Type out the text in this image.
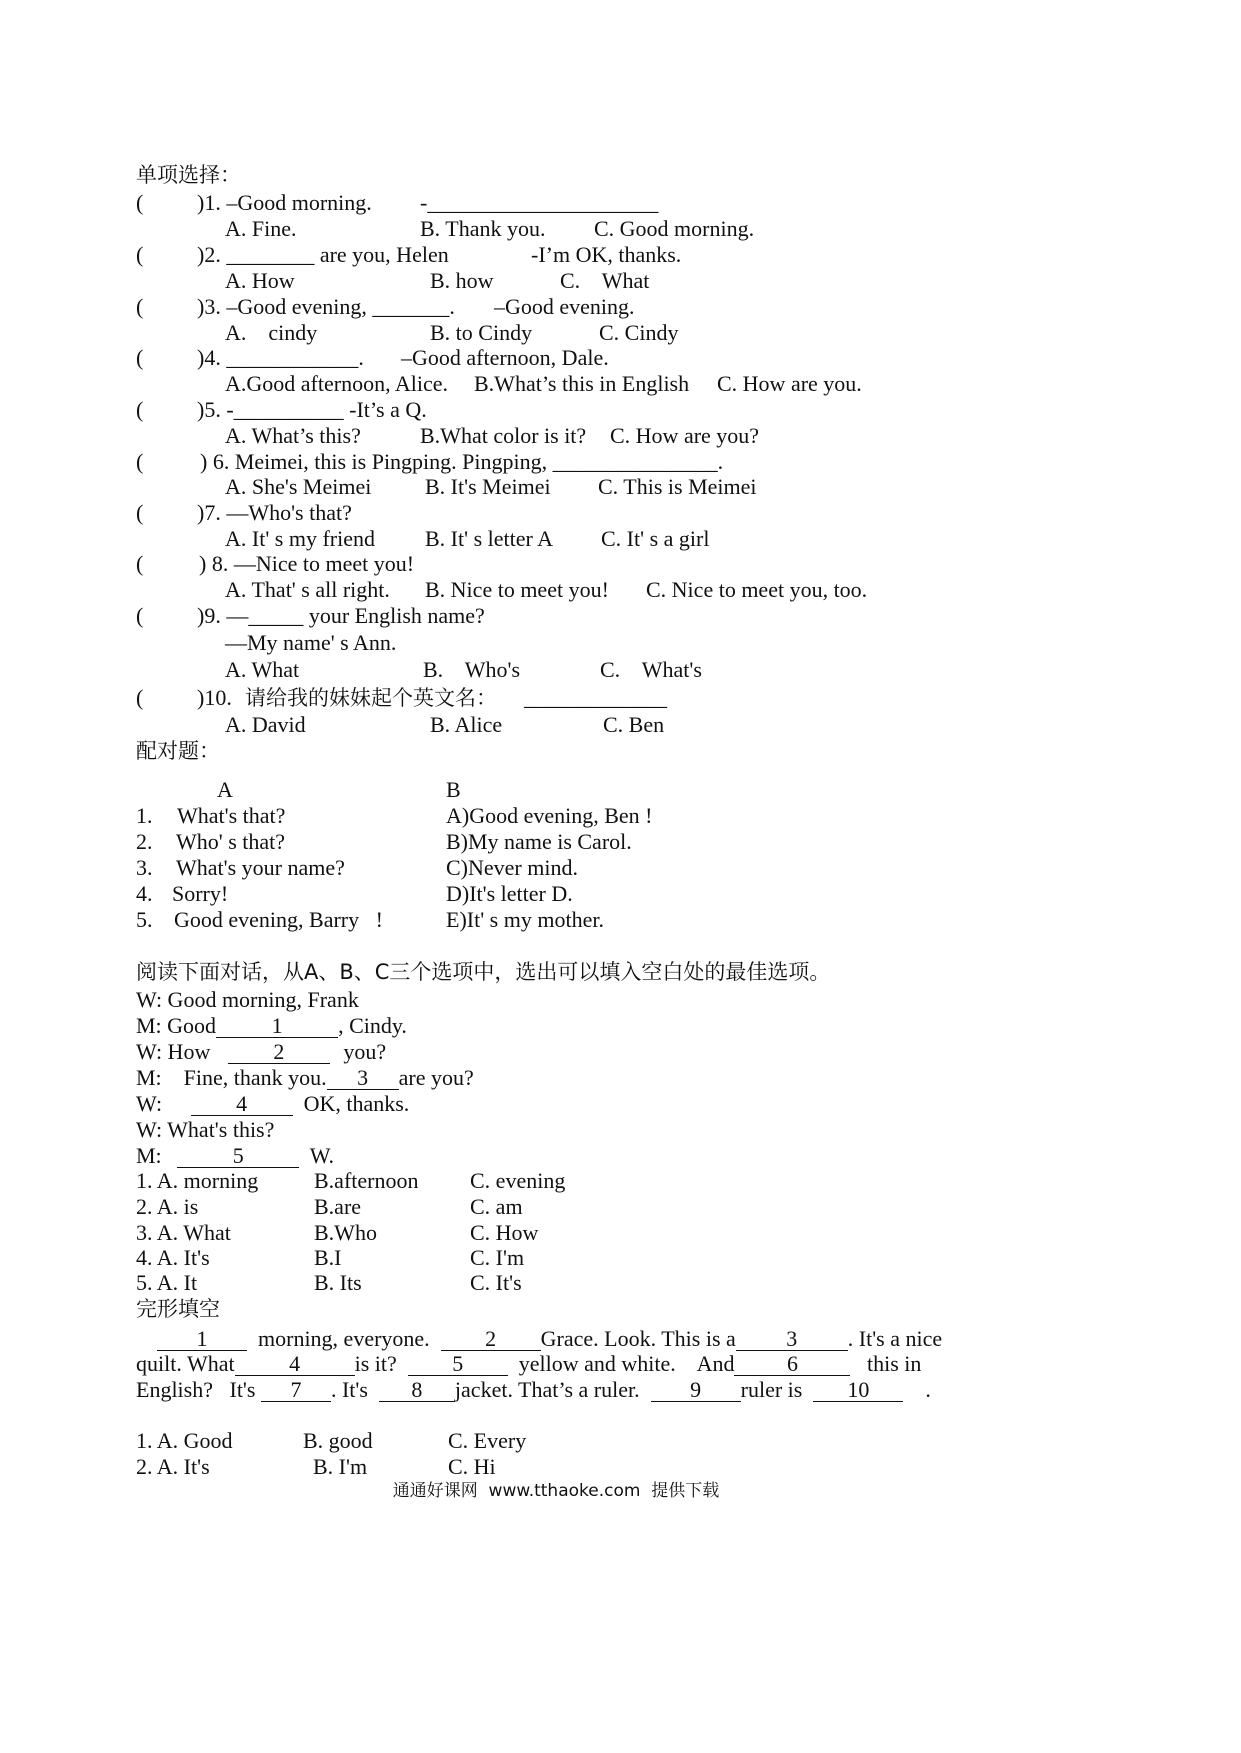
单项选择：
( )1. –Good morning. -_____________________
A. Fine.	B. Thank you. C. Good morning.
( )2. ________ are you, Helen	-I’m OK, thanks.
A. How	B. how	C.    What
( )3. –Good evening, _______. –Good evening.
A.    cindy	B. to Cindy	C. Cindy
( )4. ____________. –Good afternoon, Dale.
A.Good afternoon, Alice. B.What’s this in English C. How are you.
( )5. -__________ -It’s a Q.
A. What’s this?	B.What color is it? C. How are you?
(	) 6. Meimei, this is Pingping. Pingping, _______________.
A. She's Meimei B. It's Meimei C. This is Meimei
( )7. —Who's that?
A. It' s my friend B. It' s letter A C. It' s a girl
(	) 8. —Nice to meet you!
A. That' s all right. B. Nice to meet you! C. Nice to meet you, too.
( )9. —_____ your English name?
—My name' s Ann.
A. What	B.    Who's	C.    What's
( )10. 请给我的妹妹起个英文名： _____________
A. David	B. Alice	C. Ben
配对题：
A	B
1. What's that?	A)Good evening, Ben !
2. Who' s that?	B)My name is Carol.
3. What's your name?	C)Never mind.
4. Sorry!	D)It's letter D.
5. Good evening, Barry   !	E)It' s my mother.
阅读下面对话，从A、B、C三个选项中，选出可以填入空白处的最佳选项。
W: Good morning, Frank
M: Good	1	, Cindy.
W: How	2 you?
M:    Fine, thank you. 3 are you?
W:	4  OK, thanks.
W: What's this?
M:	5	W.
1. A. morning	B.afternoon C. evening
2. A. is	B.are	C. am
3. A. What	B.Who	C. How
4. A. It's	B.I	C. I'm
5. A. It	B. Its	C. It's
完形填空
1  morning, everyone.  2 Grace. Look. This is a 3 . It's a nice
quilt. What 4 is it?  5  yellow and white.    And 6   this in
English?   It's 7 . It's  8 jacket. That’s a ruler.  9 ruler is  10    .
1. A. Good	B. good	C. Every
2. A. It's	B. I'm	C. Hi
通通好课网  www.tthaoke.com  提供下载
